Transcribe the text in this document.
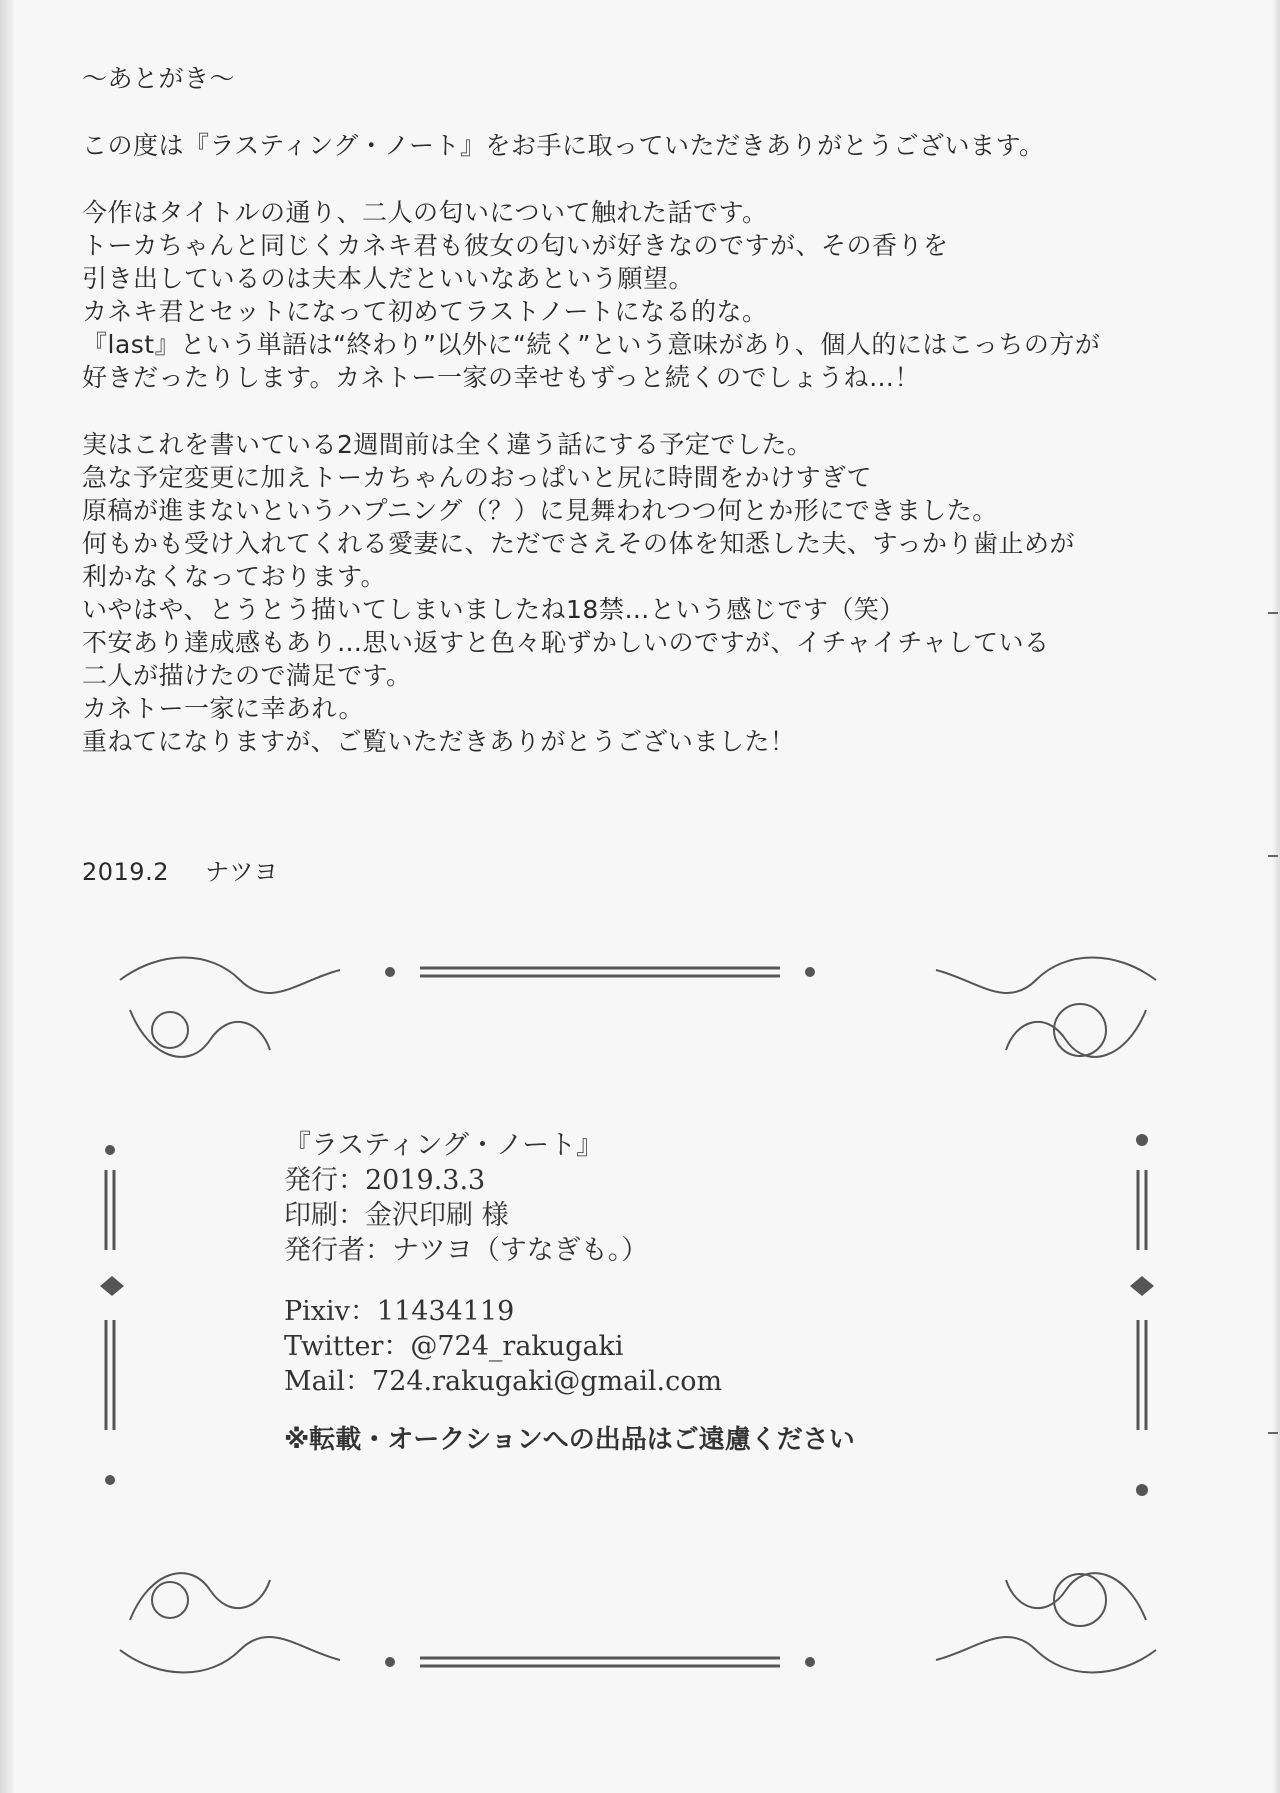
〜あとがき〜

この度は『ラスティング・ノート』をお手に取っていただきありがとうございます。

今作はタイトルの通り、二人の匂いについて触れた話です。
トーカちゃんと同じくカネキ君も彼女の匂いが好きなのですが、その香りを
引き出しているのは夫本人だといいなあという願望。
カネキ君とセットになって初めてラストノートになる的な。
『last』という単語は“終わり”以外に“続く”という意味があり、個人的にはこっちの方が
好きだったりします。カネトー一家の幸せもずっと続くのでしょうね…！

実はこれを書いている2週間前は全く違う話にする予定でした。
急な予定変更に加えトーカちゃんのおっぱいと尻に時間をかけすぎて
原稿が進まないというハプニング（？）に見舞われつつ何とか形にできました。
何もかも受け入れてくれる愛妻に、ただでさえその体を知悉した夫、すっかり歯止めが
利かなくなっております。
いやはや、とうとう描いてしまいましたね18禁…という感じです（笑）
不安あり達成感もあり…思い返すと色々恥ずかしいのですが、イチャイチャしている
二人が描けたので満足です。
カネトー一家に幸あれ。
重ねてになりますが、ご覧いただきありがとうございました！

2019.2 ナツヨ
『ラスティング・ノート』
発行：2019.3.3
印刷：金沢印刷 様
発行者：ナツヨ（すなぎも。）
Pixiv：11434119
Twitter：@724_rakugaki
Mail：724.rakugaki@gmail.com
※転載・オークションへの出品はご遠慮ください
